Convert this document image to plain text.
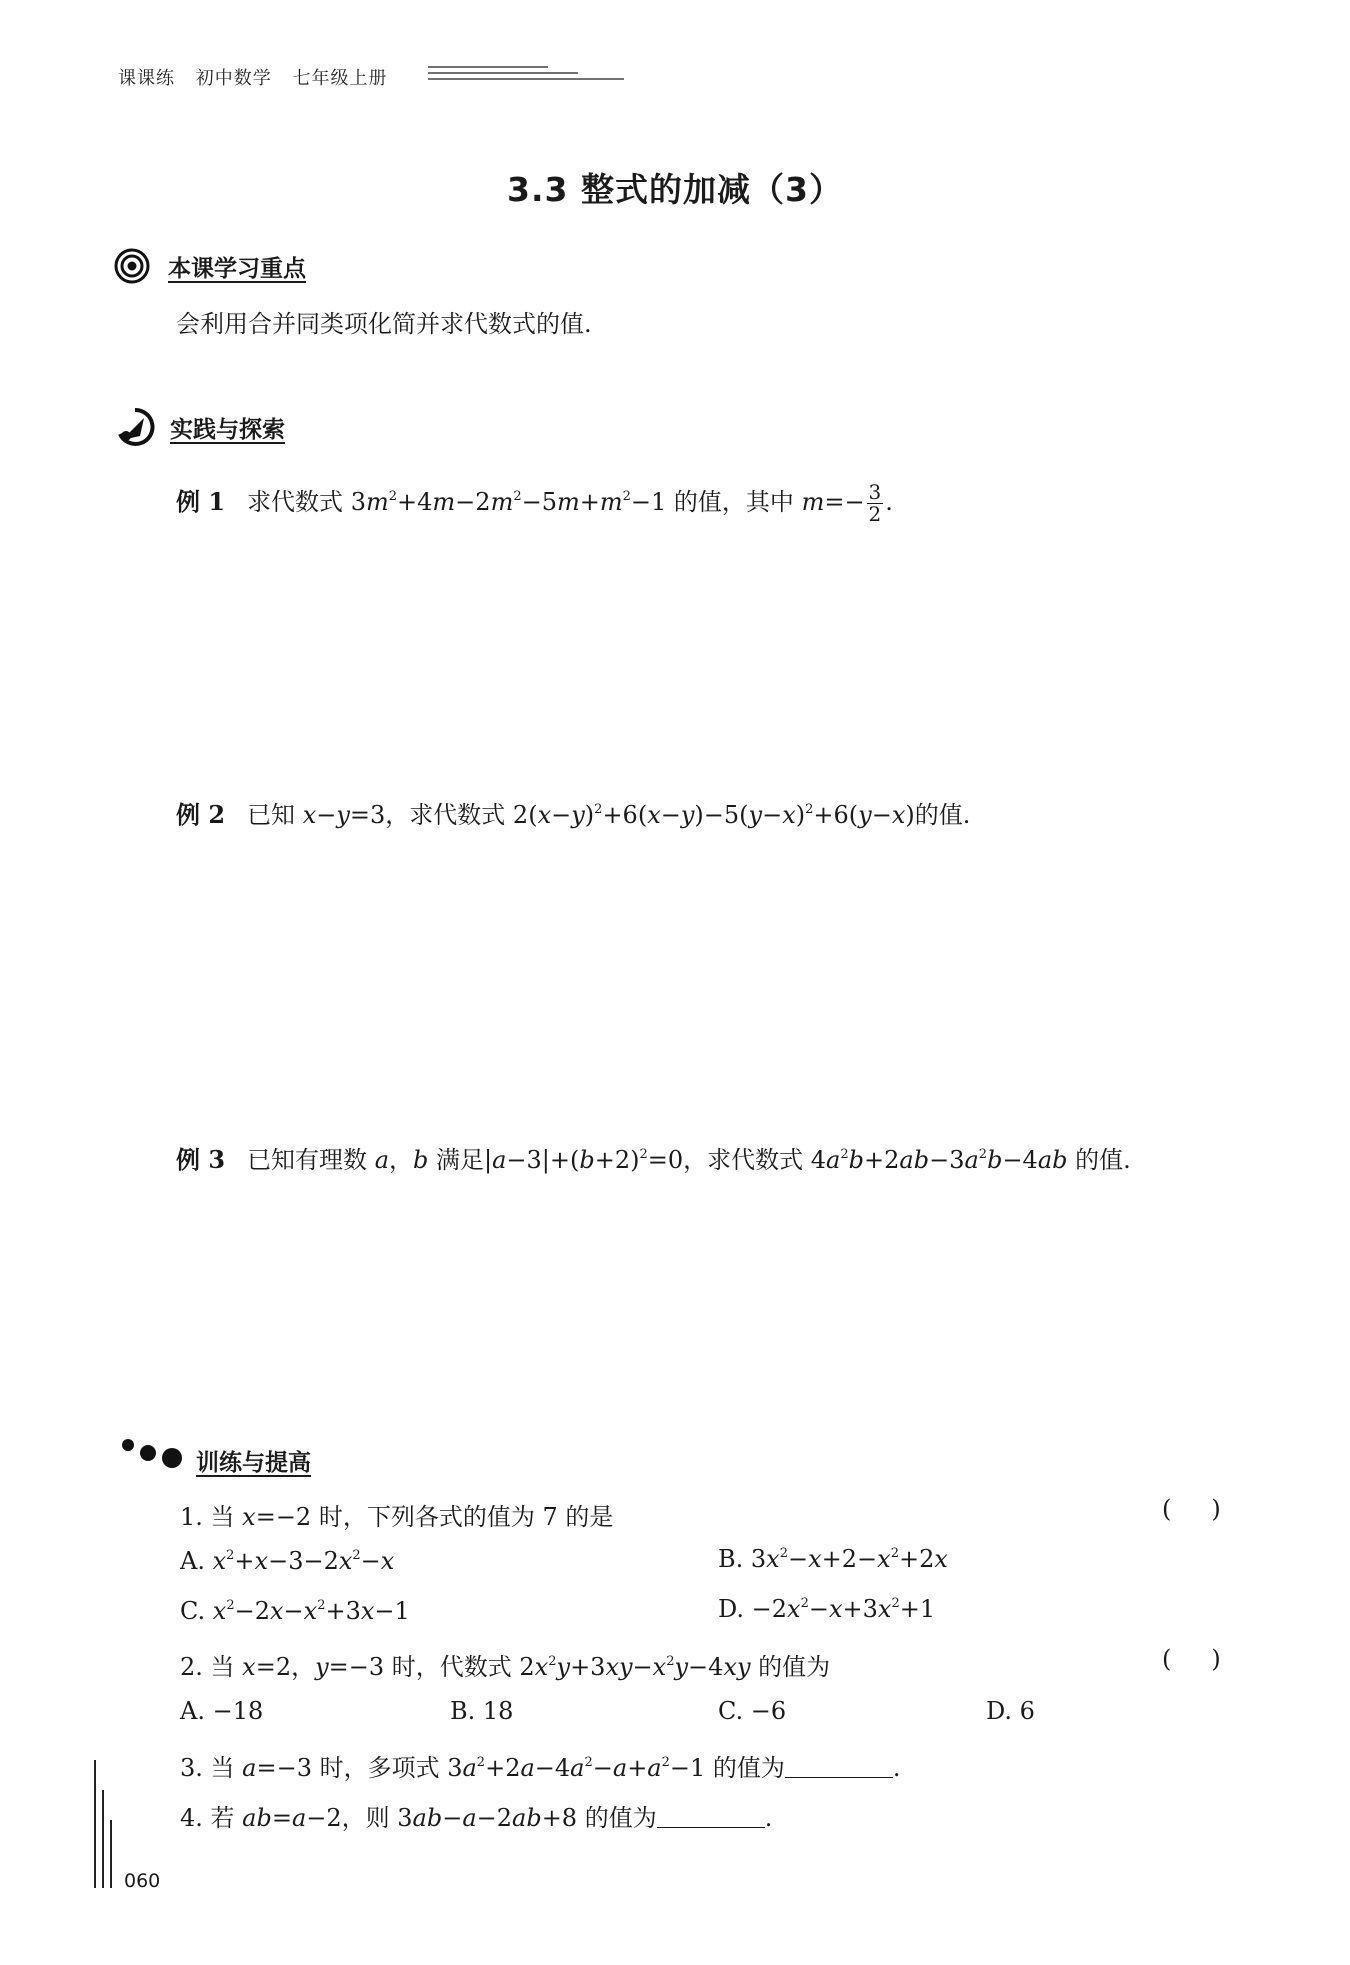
课课练 初中数学 七年级上册
3.3 整式的加减（3）
本课学习重点
会利用合并同类项化简并求代数式的值.
实践与探索
例 1 求代数式 $3m^2+4m-2m^2-5m+m^2-1$ 的值，其中 $m=- \frac{3}{2}$ .
例 2 已知 x−y=3，求代数式 $2(x-y)^2+6(x-y)-5(y-x)^2+6(y-x)$的值.
例 3 已知有理数 a，b 满足$|a-3|+(b+2)^2=0$，求代数式 $4a^2b+2ab-3a^2b-4ab$ 的值.
训练与提高
1. 当 x=−2 时，下列各式的值为 7 的是	()
A. $x^2+x-3-2x^2-x$	B. $3x^2-x+2-x^2+2x$
C. $x^2-2x-x^2+3x-1$	D. $-2x^2-x+3x^2+1$
2. 当 x=2，y=−3 时，代数式 $2x^2y+3xy-x^2y-4xy$ 的值为	()
A. −18	B. 18	C. −6	D. 6
3. 当 a=−3 时，多项式 $3a^2+2a-4a^2-a+a^2-1$ 的值为	.
4. 若 ab=a−2，则 3ab−a−2ab+8 的值为	.
060
